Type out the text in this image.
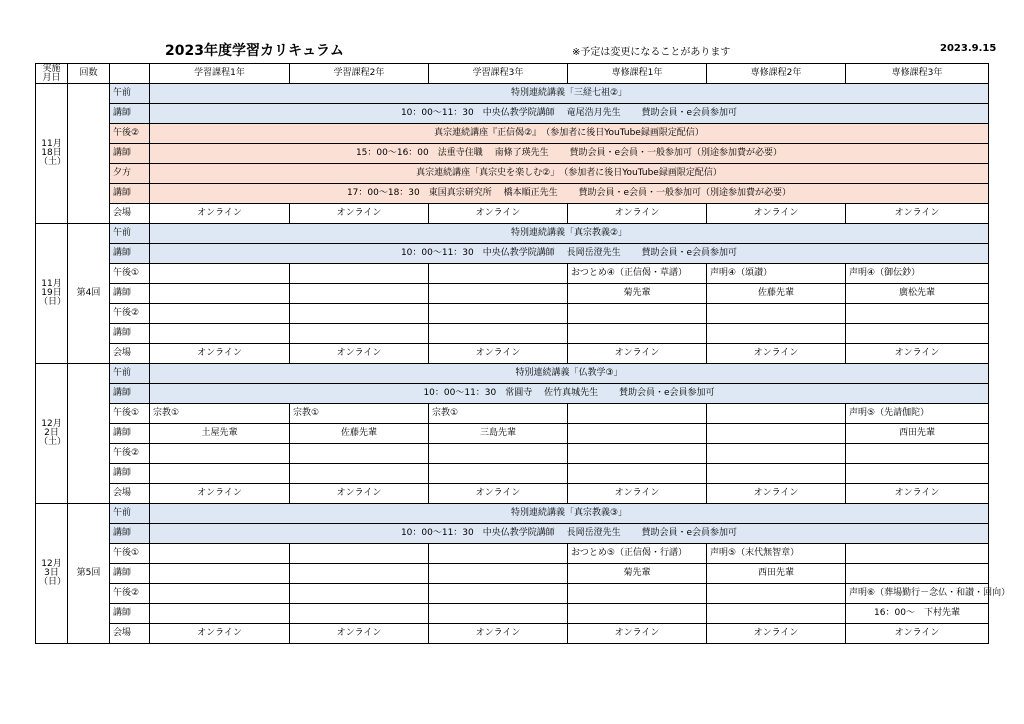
2023年度学習カリキュラム	※予定は変更になることがあります	2023.9.15
実施
月日	回数		学習課程1年	学習課程2年	学習課程3年	専修課程1年	専修課程2年	専修課程3年
11月
18日
（土）		午前	特別連続講義「三経七祖②」					
		講師	10：00～11：30　中央仏教学院講師　 竜尾浩月先生　　 賛助会員・e会員参加可					
		午後②	真宗連続講座『正信偈②』　（参加者に後日YouTube録画限定配信）					
		講師	15：00～16：00　法重寺住職　 南條了瑛先生　　 賛助会員・e会員・一般参加可（別途参加費が必要）					
		夕方	真宗連続講座「真宗史を楽しむ②」　（参加者に後日YouTube録画限定配信）					
		講師	17：00～18：30　東国真宗研究所　 橋本順正先生　　 賛助会員・e会員・一般参加可（別途参加費が必要）					
		会場	オンライン	オンライン	オンライン	オンライン	オンライン	オンライン
11月
19日
（日）	第4回	午前	特別連続講義「真宗教義②」					
		講師	10：00～11：30　中央仏教学院講師　 長岡岳澄先生　　 賛助会員・e会員参加可					
		午後①				おつとめ④（正信偈・草譜）	声明④（頌讃）	声明④（御伝鈔）
		講師				菊先輩	佐藤先輩	廣松先輩
		午後②						
		講師						
		会場	オンライン	オンライン	オンライン	オンライン	オンライン	オンライン
12月
2日
（土）		午前	特別連続講義「仏教学③」					
		講師	10：00～11：30　常圓寺　 佐竹真城先生　　 賛助会員・e会員参加可					
		午後①	宗教①	宗教①	宗教①			声明⑤（先請伽陀）
		講師	土屋先輩	佐藤先輩	三島先輩			西田先輩
		午後②						
		講師						
		会場	オンライン	オンライン	オンライン	オンライン	オンライン	オンライン
12月
3日
（日）	第5回	午前	特別連続講義「真宗教義③」					
		講師	10：00～11：30　中央仏教学院講師　 長岡岳澄先生　　 賛助会員・e会員参加可					
		午後①				おつとめ⑤（正信偈・行譜）	声明⑤（末代無智章）	
		講師				菊先輩	西田先輩	
		午後②						声明⑥（葬場勤行－念仏・和讃・回向）
		講師						16：00～　下村先輩
		会場	オンライン	オンライン	オンライン	オンライン	オンライン	オンライン
